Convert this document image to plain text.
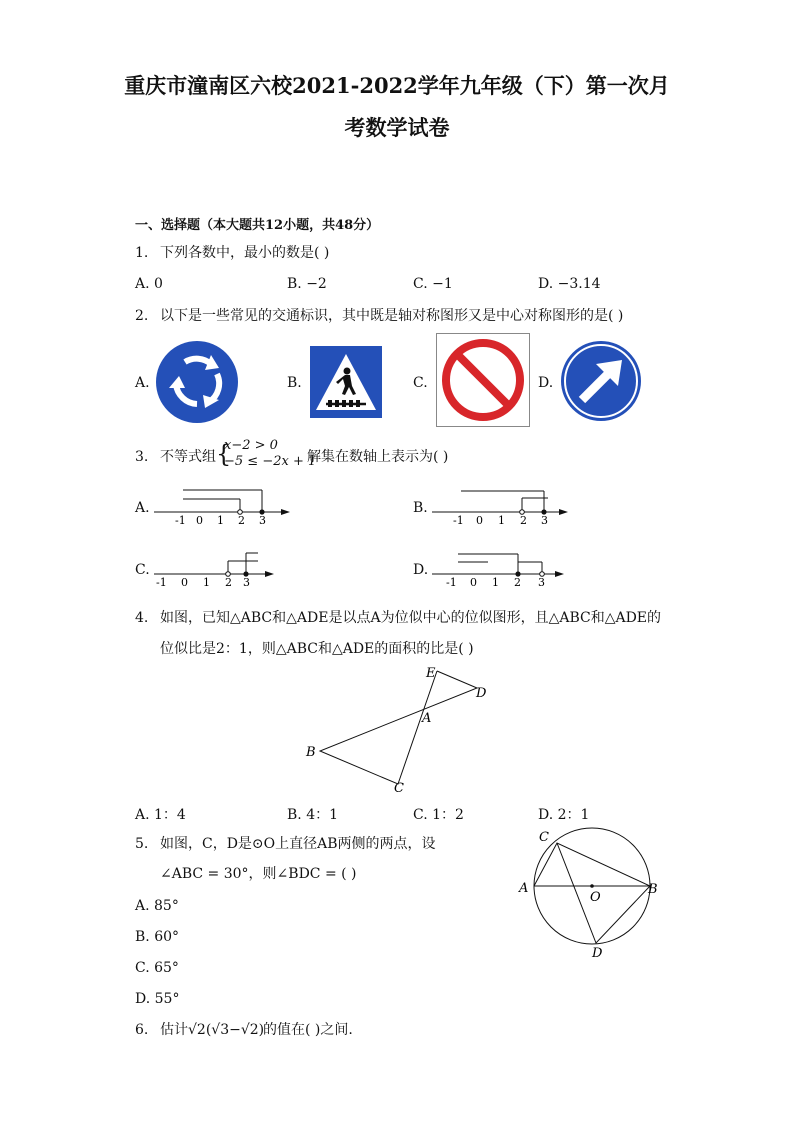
重庆市潼南区六校2021-2022学年九年级（下）第一次月
考数学试卷
一、选择题（本大题共12小题，共48分）
1. 下列各数中，最小的数是( )
A. 0	B. −2	C. −1	D. −3.14
2. 以下是一些常见的交通标识，其中既是轴对称图形又是中心对称图形的是( )
A.	B.	C.	D.
3. 不等式组 {
x−2 > 0
−5 ≤ −2x + 1
解集在数轴上表示为( )
A.
-1 0 1 2 3
B.
-1 0 1 2 3
C.
-1 0 1 2 3
D.
-1 0 1 2 3
4. 如图，已知△ABC和△ADE是以点A为位似中心的位似图形，且△ABC和△ADE的
位似比是2：1，则△ABC和△ADE的面积的比是( )
E
D
A
B
C
A. 1：4	B. 4：1	C. 1：2	D. 2：1
5. 如图，C，D是⊙O上直径AB两侧的两点，设
∠ABC = 30°，则∠BDC = ( )
A. 85°
B. 60°
C. 65°
D. 55°
C
A
O
B
D
6. 估计 √2(√3−√2)
的值在( )之间.
